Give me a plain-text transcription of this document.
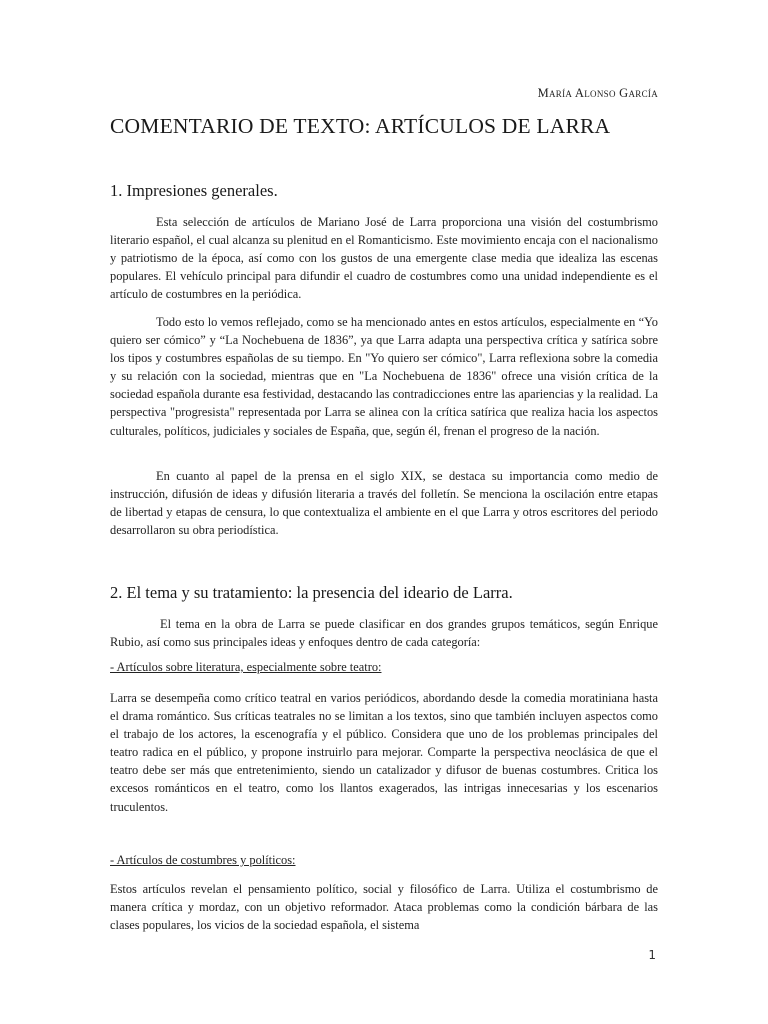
María Alonso García
COMENTARIO DE TEXTO: ARTÍCULOS DE LARRA
1. Impresiones generales.

Esta selección de artículos de Mariano José de Larra proporciona una visión del costumbrismo literario español, el cual alcanza su plenitud en el Romanticismo. Este movimiento encaja con el nacionalismo y patriotismo de la época, así como con los gustos de una emergente clase media que idealiza las escenas populares. El vehículo principal para difundir el cuadro de costumbres como una unidad independiente es el artículo de costumbres en la periódica.

Todo esto lo vemos reflejado, como se ha mencionado antes en estos artículos, especialmente en “Yo quiero ser cómico” y “La Nochebuena de 1836”, ya que Larra adapta una perspectiva crítica y satírica sobre los tipos y costumbres españolas de su tiempo. En "Yo quiero ser cómico", Larra reflexiona sobre la comedia y su relación con la sociedad, mientras que en "La Nochebuena de 1836" ofrece una visión crítica de la sociedad española durante esa festividad, destacando las contradicciones entre las apariencias y la realidad. La perspectiva "progresista" representada por Larra se alinea con la crítica satírica que realiza hacia los aspectos culturales, políticos, judiciales y sociales de España, que, según él, frenan el progreso de la nación.

En cuanto al papel de la prensa en el siglo XIX, se destaca su importancia como medio de instrucción, difusión de ideas y difusión literaria a través del folletín. Se menciona la oscilación entre etapas de libertad y etapas de censura, lo que contextualiza el ambiente en el que Larra y otros escritores del periodo desarrollaron su obra periodística.

2. El tema y su tratamiento: la presencia del ideario de Larra.

El tema en la obra de Larra se puede clasificar en dos grandes grupos temáticos, según Enrique Rubio, así como sus principales ideas y enfoques dentro de cada categoría:

- Artículos sobre literatura, especialmente sobre teatro:

Larra se desempeña como crítico teatral en varios periódicos, abordando desde la comedia moratiniana hasta el drama romántico. Sus críticas teatrales no se limitan a los textos, sino que también incluyen aspectos como el trabajo de los actores, la escenografía y el público. Considera que uno de los problemas principales del teatro radica en el público, y propone instruirlo para mejorar. Comparte la perspectiva neoclásica de que el teatro debe ser más que entretenimiento, siendo un catalizador y difusor de buenas costumbres. Critica los excesos románticos en el teatro, como los llantos exagerados, las intrigas innecesarias y los escenarios truculentos.

- Artículos de costumbres y políticos:

Estos artículos revelan el pensamiento político, social y filosófico de Larra. Utiliza el costumbrismo de manera crítica y mordaz, con un objetivo reformador. Ataca problemas como la condición bárbara de las clases populares, los vicios de la sociedad española, el sistema

1
